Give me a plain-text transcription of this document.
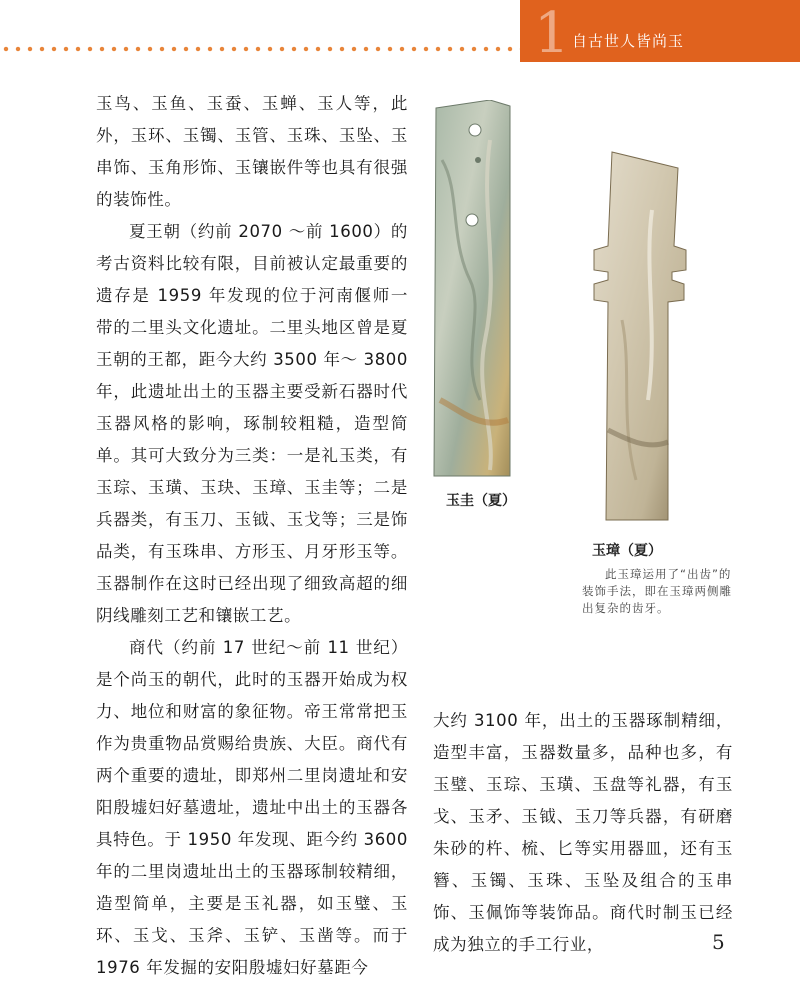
1 自古世人皆尚玉

玉鸟、玉鱼、玉蚕、玉蝉、玉人等，此外，玉环、玉镯、玉管、玉珠、玉坠、玉串饰、玉角形饰、玉镶嵌件等也具有很强的装饰性。

夏王朝（约前 2070 ～前 1600）的考古资料比较有限，目前被认定最重要的遗存是 1959 年发现的位于河南偃师一带的二里头文化遗址。二里头地区曾是夏王朝的王都，距今大约 3500 年～ 3800 年，此遗址出土的玉器主要受新石器时代玉器风格的影响，琢制较粗糙，造型简单。其可大致分为三类：一是礼玉类，有玉琮、玉璜、玉玦、玉璋、玉圭等；二是兵器类，有玉刀、玉钺、玉戈等；三是饰品类，有玉珠串、方形玉、月牙形玉等。玉器制作在这时已经出现了细致高超的细阴线雕刻工艺和镶嵌工艺。

商代（约前 17 世纪～前 11 世纪）是个尚玉的朝代，此时的玉器开始成为权力、地位和财富的象征物。帝王常常把玉作为贵重物品赏赐给贵族、大臣。商代有两个重要的遗址，即郑州二里岗遗址和安阳殷墟妇好墓遗址，遗址中出土的玉器各具特色。于 1950 年发现、距今约 3600 年的二里岗遗址出土的玉器琢制较精细，造型简单，主要是玉礼器，如玉璧、玉环、玉戈、玉斧、玉铲、玉凿等。而于 1976 年发掘的安阳殷墟妇好墓距今

玉圭（夏）
玉璋（夏）

此玉璋运用了“出齿”的装饰手法，即在玉璋两侧雕出复杂的齿牙。

大约 3100 年，出土的玉器琢制精细，造型丰富，玉器数量多，品种也多，有玉璧、玉琮、玉璜、玉盘等礼器，有玉戈、玉矛、玉钺、玉刀等兵器，有研磨朱砂的杵、梳、匕等实用器皿，还有玉簪、玉镯、玉珠、玉坠及组合的玉串饰、玉佩饰等装饰品。商代时制玉已经成为独立的手工行业，	5
